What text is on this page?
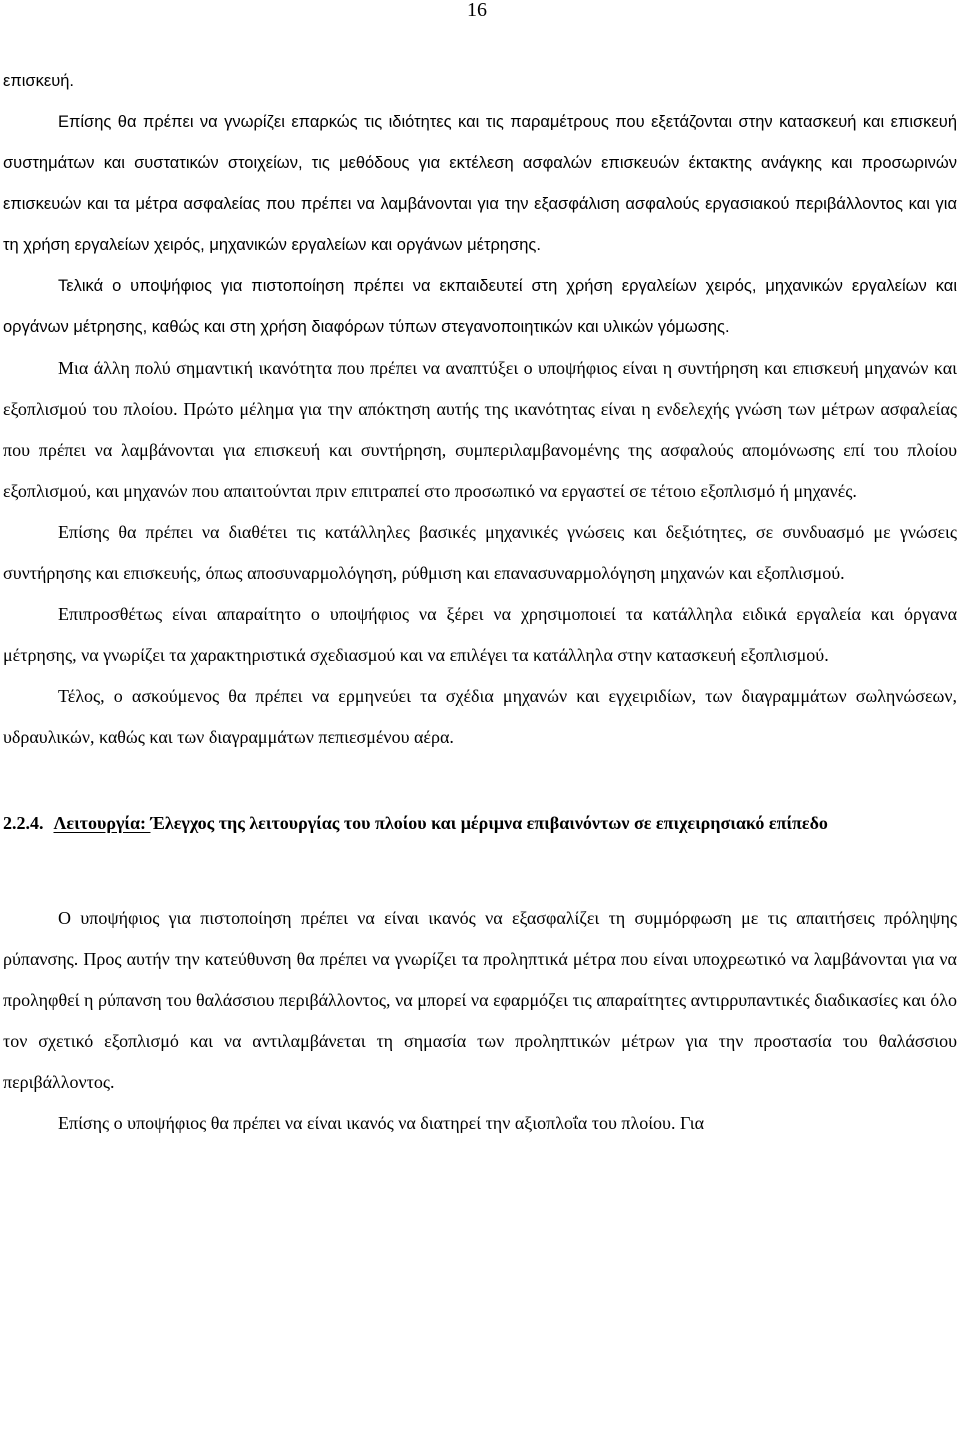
16

επισκευή.

Επίσης θα πρέπει να γνωρίζει επαρκώς τις ιδιότητες και τις παραμέτρους που εξετάζονται στην κατασκευή και επισκευή συστημάτων και συστατικών στοιχείων, τις μεθόδους για εκτέλεση ασφαλών επισκευών έκτακτης ανάγκης και προσωρινών επισκευών και τα μέτρα ασφαλείας που πρέπει να λαμβάνονται για την εξασφάλιση ασφαλούς εργασιακού περιβάλλοντος και για τη χρήση εργαλείων χειρός, μηχανικών εργαλείων και οργάνων μέτρησης.

Τελικά ο υποψήφιος για πιστοποίηση πρέπει να εκπαιδευτεί στη χρήση εργαλείων χειρός, μηχανικών εργαλείων και οργάνων μέτρησης, καθώς και στη χρήση διαφόρων τύπων στεγανοποιητικών και υλικών γόμωσης.

Μια άλλη πολύ σημαντική ικανότητα που πρέπει να αναπτύξει ο υποψήφιος είναι η συντήρηση και επισκευή μηχανών και εξοπλισμού του πλοίου. Πρώτο μέλημα για την απόκτηση αυτής της ικανότητας είναι η ενδελεχής γνώση των μέτρων ασφαλείας που πρέπει να λαμβάνονται για επισκευή και συντήρηση, συμπεριλαμβανομένης της ασφαλούς απομόνωσης επί του πλοίου εξοπλισμού, και μηχανών που απαιτούνται πριν επιτραπεί στο προσωπικό να εργαστεί σε τέτοιο εξοπλισμό ή μηχανές.

Επίσης θα πρέπει να διαθέτει τις κατάλληλες βασικές μηχανικές γνώσεις και δεξιότητες, σε συνδυασμό με γνώσεις συντήρησης και επισκευής, όπως αποσυναρμολόγηση, ρύθμιση και επανασυναρμολόγηση μηχανών και εξοπλισμού.

Επιπροσθέτως είναι απαραίτητο ο υποψήφιος να ξέρει να χρησιμοποιεί τα κατάλληλα ειδικά εργαλεία και όργανα μέτρησης, να γνωρίζει τα χαρακτηριστικά σχεδιασμού και να επιλέγει τα κατάλληλα στην κατασκευή εξοπλισμού.

Τέλος, ο ασκούμενος θα πρέπει να ερμηνεύει τα σχέδια μηχανών και εγχειριδίων, των διαγραμμάτων σωληνώσεων, υδραυλικών, καθώς και των διαγραμμάτων πεπιεσμένου αέρα.

2.2.4. Λειτουργία: Έλεγχος της λειτουργίας του πλοίου και μέριμνα επιβαινόντων σε επιχειρησιακό επίπεδο

Ο υποψήφιος για πιστοποίηση πρέπει να είναι ικανός να εξασφαλίζει τη συμμόρφωση με τις απαιτήσεις πρόληψης ρύπανσης. Προς αυτήν την κατεύθυνση θα πρέπει να γνωρίζει τα προληπτικά μέτρα που είναι υποχρεωτικό να λαμβάνονται για να προληφθεί η ρύπανση του θαλάσσιου περιβάλλοντος, να μπορεί να εφαρμόζει τις απαραίτητες αντιρρυπαντικές διαδικασίες και όλο τον σχετικό εξοπλισμό και να αντιλαμβάνεται τη σημασία των προληπτικών μέτρων για την προστασία του θαλάσσιου περιβάλλοντος.

Επίσης ο υποψήφιος θα πρέπει να είναι ικανός να διατηρεί την αξιοπλοΐα του πλοίου. Για
